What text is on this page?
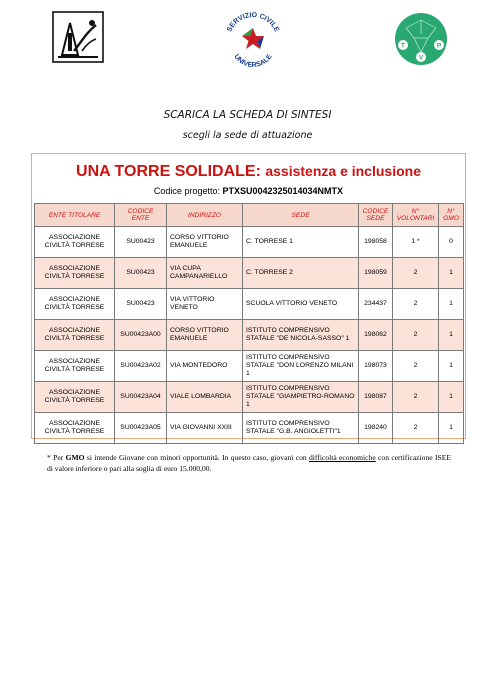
SERVIZIO CIVILE
UNIVERSALE
T
V
P
SCARICA LA SCHEDA DI SINTESI
scegli la sede di attuazione
UNA TORRE SOLIDALE: assistenza e inclusione
Codice progetto: PTXSU0042325014034NMTX
ENTE TITOLARE	CODICE ENTE	INDIRIZZO	SEDE	CODICE SEDE	N° VOLONTARI	N° GMO
ASSOCIAZIONE CIVILTÀ TORRESE	SU00423	CORSO VITTORIO EMANUELE	C. TORRESE 1	198058	1 *	0
ASSOCIAZIONE CIVILTÀ TORRESE	SU00423	VIA CUPA CAMPANARIELLO	C. TORRESE 2	198059	2	1
ASSOCIAZIONE CIVILTÀ TORRESE	SU00423	VIA VITTORIO VENETO	SCUOLA VITTORIO VENETO	234437	2	1
ASSOCIAZIONE CIVILTÀ TORRESE	SU00423A00	CORSO VITTORIO EMANUELE	ISTITUTO COMPRENSIVO STATALE "DE NICOLA-SASSO" 1	198062	2	1
ASSOCIAZIONE CIVILTÀ TORRESE	SU00423A02	VIA MONTEDORO	ISTITUTO COMPRENSIVO STATALE "DON LORENZO MILANI 1	198073	2	1
ASSOCIAZIONE CIVILTÀ TORRESE	SU00423A04	VIALE LOMBARDIA	ISTITUTO COMPRENSIVO STATALE "GIAMPIETRO-ROMANO 1	198087	2	1
ASSOCIAZIONE CIVILTÀ TORRESE	SU00423A05	VIA GIOVANNI XXIII	ISTITUTO COMPRENSIVO STATALE "G.B. ANGIOLETTI"1	198240	2	1
* Per GMO si intende Giovane con minori opportunità. In questo caso, giovani con difficoltà economiche con certificazione ISEE di valore inferiore o pari alla soglia di euro 15.000,00.
